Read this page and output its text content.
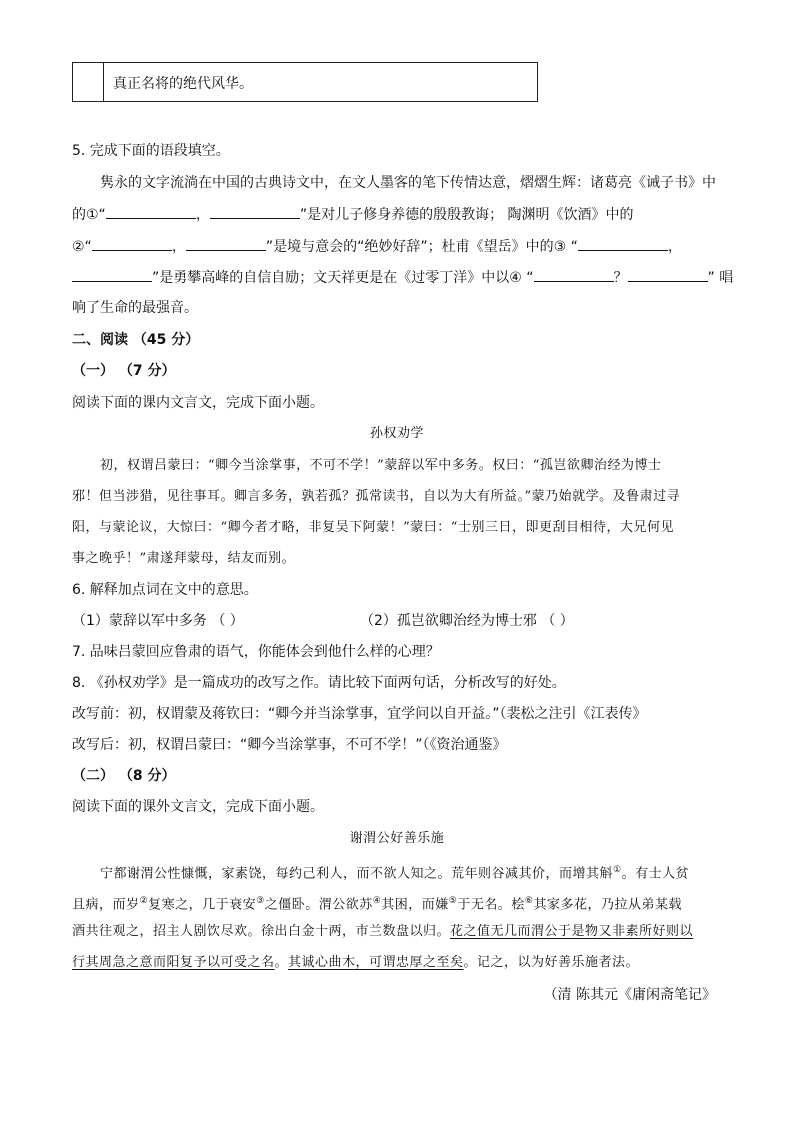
真正名将的绝代风华。
5. 完成下面的语段填空。
隽永的文字流淌在中国的古典诗文中，在文人墨客的笔下传情达意，熠熠生辉：诸葛亮《诫子书》中
的①“	，	”是对儿子修身养德的殷殷教诲； 陶渊明《饮酒》中的
②“	，	”是境与意会的“绝妙好辞”；杜甫《望岳》中的③ “	，
”是勇攀高峰的自信自励；文天祥更是在《过零丁洋》中以④ “	？	” 唱
响了生命的最强音。
二、阅读 （45 分）
（一） （7 分）
阅读下面的课内文言文，完成下面小题。
孙权劝学
初，权谓吕蒙曰：“卿今当涂掌事，不可不学！”蒙辞以军中多务。权曰：“孤岂欲卿治经为博士
邪！但当涉猎，见往事耳。卿言多务，孰若孤？孤常读书，自以为大有所益。”蒙乃始就学。及鲁肃过寻
阳，与蒙论议，大惊曰：“卿今者才略，非复吴下阿蒙！”蒙曰：“士别三日，即更刮目相待，大兄何见
事之晚乎！”肃遂拜蒙母，结友而别。
6. 解释加点词在文中的意思。
（1）蒙辞以军中多务 （ ）	（2）孤岂欲卿治经为博士邪 （ ）
7. 品味吕蒙回应鲁肃的语气，你能体会到他什么样的心理？
8. 《孙权劝学》是一篇成功的改写之作。请比较下面两句话，分析改写的好处。
改写前：初，权谓蒙及蒋钦曰：“卿今并当涂掌事，宜学问以自开益。”（裴松之注引《江表传》
改写后：初，权谓吕蒙曰：“卿今当涂掌事，不可不学！”（《资治通鉴》
（二） （8 分）
阅读下面的课外文言文，完成下面小题。
谢渭公好善乐施
宁都谢渭公性慷慨，家素饶，每约己利人，而不欲人知之。荒年则谷减其价，而增其斛①。有士人贫
且病，而岁②复寒之，几于衰安③之僵卧。渭公欲苏④其困，而嫌⑤于无名。桧⑥其家多花，乃拉从弟某载
酒共往观之，招主人剧饮尽欢。徐出白金十两，市兰数盘以归。花之值无几而渭公于是物又非素所好则以
行其周急之意而阳复予以可受之名。其诚心曲木，可谓忠厚之至矣。记之，以为好善乐施者法。
（清 陈其元《庸闲斋笔记》
